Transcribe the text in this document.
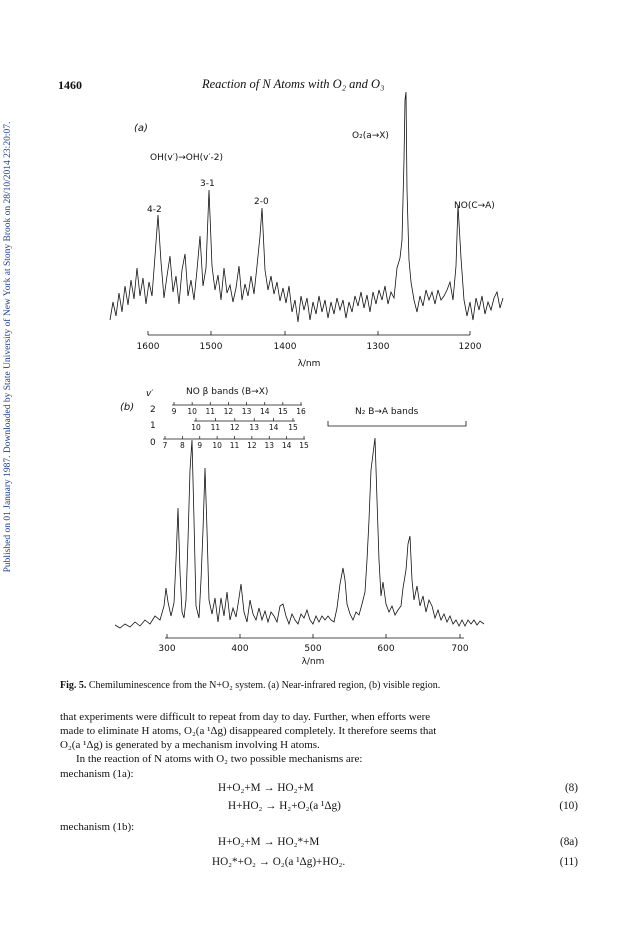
Published on 01 January 1987. Downloaded by State University of New York at Stony Brook on 28/10/2014 23:20:07.
1460	Reaction of N Atoms with O₂ and O₃
(a)
OH(v′)→OH(v′-2)
4-2
3-1
2-0
O₂(a→X)
NO(C→A)
1600	1500	1400	1300	1200
λ/nm
(b)
v′	NO β bands (B→X)
2
1
0
9 10 11 12 13 14 15 16
10 11 12 13 14 15
7 8 9 10 11 12 13 14 15
N₂ B→A bands
300	400	500	600	700
λ/nm
Fig. 5. Chemiluminescence from the N+O₂ system. (a) Near-infrared region, (b) visible region.
that experiments were difficult to repeat from day to day. Further, when efforts were
made to eliminate H atoms, O₂(a ¹Δg) disappeared completely. It therefore seems that
O₂(a ¹Δg) is generated by a mechanism involving H atoms.
In the reaction of N atoms with O₂ two possible mechanisms are:
mechanism (1a):
H+O₂+M → HO₂+M	(8)
H+HO₂ → H₂+O₂(a ¹Δg)	(10)
mechanism (1b):
H+O₂+M → HO₂*+M	(8a)
HO₂*+O₂ → O₂(a ¹Δg)+HO₂.	(11)
